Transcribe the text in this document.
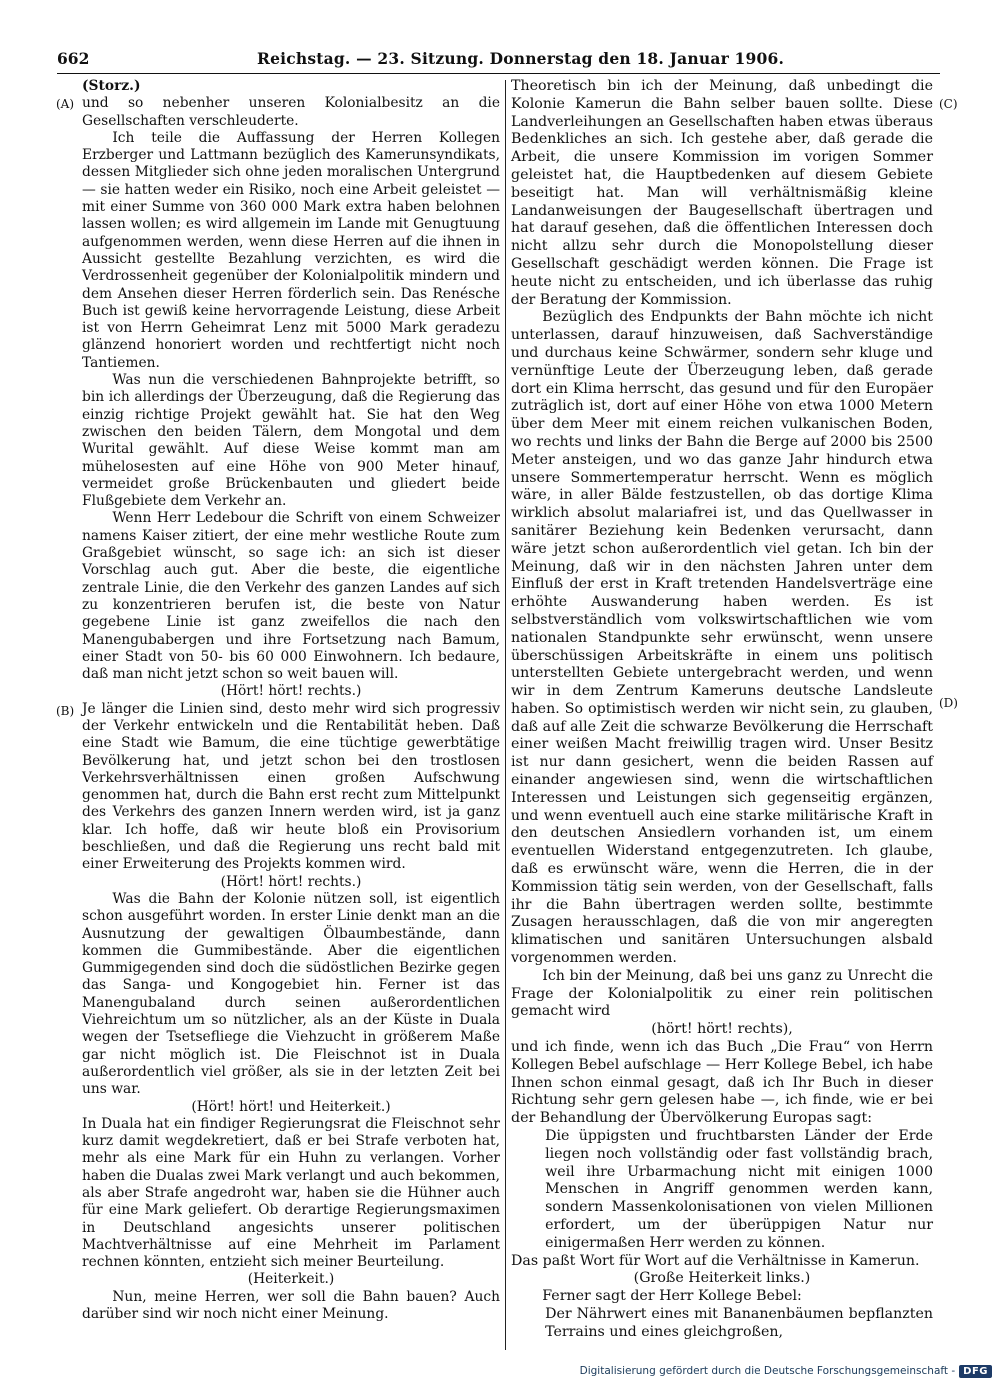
662	Reichstag. — 23. Sitzung. Donnerstag den 18. Januar 1906.
(A)
(B)
(C)
(D)

(Storz.)

und so nebenher unseren Kolonialbesitz an die Gesellschaften verschleuderte.

Ich teile die Auffassung der Herren Kollegen Erzberger und Lattmann bezüglich des Kamerunsyndikats, dessen Mitglieder sich ohne jeden moralischen Untergrund — sie hatten weder ein Risiko, noch eine Arbeit geleistet — mit einer Summe von 360 000 Mark extra haben belohnen lassen wollen; es wird allgemein im Lande mit Genugtuung aufgenommen werden, wenn diese Herren auf die ihnen in Aussicht gestellte Bezahlung verzichten, es wird die Verdrossenheit gegenüber der Kolonialpolitik mindern und dem Ansehen dieser Herren förderlich sein. Das Renésche Buch ist gewiß keine hervorragende Leistung, diese Arbeit ist von Herrn Geheimrat Lenz mit 5000 Mark geradezu glänzend honoriert worden und rechtfertigt nicht noch Tantiemen.

Was nun die verschiedenen Bahnprojekte betrifft, so bin ich allerdings der Überzeugung, daß die Regierung das einzig richtige Projekt gewählt hat. Sie hat den Weg zwischen den beiden Tälern, dem Mongotal und dem Wurital gewählt. Auf diese Weise kommt man am mühelosesten auf eine Höhe von 900 Meter hinauf, vermeidet große Brückenbauten und gliedert beide Flußgebiete dem Verkehr an.

Wenn Herr Ledebour die Schrift von einem Schweizer namens Kaiser zitiert, der eine mehr westliche Route zum Graßgebiet wünscht, so sage ich: an sich ist dieser Vorschlag auch gut. Aber die beste, die eigentliche zentrale Linie, die den Verkehr des ganzen Landes auf sich zu konzentrieren berufen ist, die beste von Natur gegebene Linie ist ganz zweifellos die nach den Manengubabergen und ihre Fortsetzung nach Bamum, einer Stadt von 50- bis 60 000 Einwohnern. Ich bedaure, daß man nicht jetzt schon so weit bauen will.

(Hört! hört! rechts.)

Je länger die Linien sind, desto mehr wird sich progressiv der Verkehr entwickeln und die Rentabilität heben. Daß eine Stadt wie Bamum, die eine tüchtige gewerbtätige Bevölkerung hat, und jetzt schon bei den trostlosen Verkehrsverhältnissen einen großen Aufschwung genommen hat, durch die Bahn erst recht zum Mittelpunkt des Verkehrs des ganzen Innern werden wird, ist ja ganz klar. Ich hoffe, daß wir heute bloß ein Provisorium beschließen, und daß die Regierung uns recht bald mit einer Erweiterung des Projekts kommen wird.

(Hört! hört! rechts.)

Was die Bahn der Kolonie nützen soll, ist eigentlich schon ausgeführt worden. In erster Linie denkt man an die Ausnutzung der gewaltigen Ölbaumbestände, dann kommen die Gummibestände. Aber die eigentlichen Gummigegenden sind doch die südöstlichen Bezirke gegen das Sanga- und Kongogebiet hin. Ferner ist das Manengubaland durch seinen außerordentlichen Viehreichtum um so nützlicher, als an der Küste in Duala wegen der Tsetsefliege die Viehzucht in größerem Maße gar nicht möglich ist. Die Fleischnot ist in Duala außerordentlich viel größer, als sie in der letzten Zeit bei uns war.

(Hört! hört! und Heiterkeit.)

In Duala hat ein findiger Regierungsrat die Fleischnot sehr kurz damit wegdekretiert, daß er bei Strafe verboten hat, mehr als eine Mark für ein Huhn zu verlangen. Vorher haben die Dualas zwei Mark verlangt und auch bekommen, als aber Strafe angedroht war, haben sie die Hühner auch für eine Mark geliefert. Ob derartige Regierungsmaximen in Deutschland angesichts unserer politischen Machtverhältnisse auf eine Mehrheit im Parlament rechnen könnten, entzieht sich meiner Beurteilung.

(Heiterkeit.)

Nun, meine Herren, wer soll die Bahn bauen? Auch darüber sind wir noch nicht einer Meinung.

Theoretisch bin ich der Meinung, daß unbedingt die Kolonie Kamerun die Bahn selber bauen sollte. Diese Landverleihungen an Gesellschaften haben etwas überaus Bedenkliches an sich. Ich gestehe aber, daß gerade die Arbeit, die unsere Kommission im vorigen Sommer geleistet hat, die Hauptbedenken auf diesem Gebiete beseitigt hat. Man will verhältnismäßig kleine Landanweisungen der Baugesellschaft übertragen und hat darauf gesehen, daß die öffentlichen Interessen doch nicht allzu sehr durch die Monopolstellung dieser Gesellschaft geschädigt werden können. Die Frage ist heute nicht zu entscheiden, und ich überlasse das ruhig der Beratung der Kommission.

Bezüglich des Endpunkts der Bahn möchte ich nicht unterlassen, darauf hinzuweisen, daß Sachverständige und durchaus keine Schwärmer, sondern sehr kluge und vernünftige Leute der Überzeugung leben, daß gerade dort ein Klima herrscht, das gesund und für den Europäer zuträglich ist, dort auf einer Höhe von etwa 1000 Metern über dem Meer mit einem reichen vulkanischen Boden, wo rechts und links der Bahn die Berge auf 2000 bis 2500 Meter ansteigen, und wo das ganze Jahr hindurch etwa unsere Sommertemperatur herrscht. Wenn es möglich wäre, in aller Bälde festzustellen, ob das dortige Klima wirklich absolut malariafrei ist, und das Quellwasser in sanitärer Beziehung kein Bedenken verursacht, dann wäre jetzt schon außerordentlich viel getan. Ich bin der Meinung, daß wir in den nächsten Jahren unter dem Einfluß der erst in Kraft tretenden Handelsverträge eine erhöhte Auswanderung haben werden. Es ist selbstverständlich vom volkswirtschaftlichen wie vom nationalen Standpunkte sehr erwünscht, wenn unsere überschüssigen Arbeitskräfte in einem uns politisch unterstellten Gebiete untergebracht werden, und wenn wir in dem Zentrum Kameruns deutsche Landsleute haben. So optimistisch werden wir nicht sein, zu glauben, daß auf alle Zeit die schwarze Bevölkerung die Herrschaft einer weißen Macht freiwillig tragen wird. Unser Besitz ist nur dann gesichert, wenn die beiden Rassen auf einander angewiesen sind, wenn die wirtschaftlichen Interessen und Leistungen sich gegenseitig ergänzen, und wenn eventuell auch eine starke militärische Kraft in den deutschen Ansiedlern vorhanden ist, um einem eventuellen Widerstand entgegenzutreten. Ich glaube, daß es erwünscht wäre, wenn die Herren, die in der Kommission tätig sein werden, von der Gesellschaft, falls ihr die Bahn übertragen werden sollte, bestimmte Zusagen herausschlagen, daß die von mir angeregten klimatischen und sanitären Untersuchungen alsbald vorgenommen werden.

Ich bin der Meinung, daß bei uns ganz zu Unrecht die Frage der Kolonialpolitik zu einer rein politischen gemacht wird

(hört! hört! rechts),

und ich finde, wenn ich das Buch „Die Frau“ von Herrn Kollegen Bebel aufschlage — Herr Kollege Bebel, ich habe Ihnen schon einmal gesagt, daß ich Ihr Buch in dieser Richtung sehr gern gelesen habe —, ich finde, wie er bei der Behandlung der Übervölkerung Europas sagt:

Die üppigsten und fruchtbarsten Länder der Erde liegen noch vollständig oder fast vollständig brach, weil ihre Urbarmachung nicht mit einigen 1000 Menschen in Angriff genommen werden kann, sondern Massenkolonisationen von vielen Millionen erfordert, um der überüppigen Natur nur einigermaßen Herr werden zu können.

Das paßt Wort für Wort auf die Verhältnisse in Kamerun.

(Große Heiterkeit links.)

Ferner sagt der Herr Kollege Bebel:

Der Nährwert eines mit Bananenbäumen bepflanzten Terrains und eines gleichgroßen,

Digitalisierung gefördert durch die Deutsche Forschungsgemeinschaft - DFG
